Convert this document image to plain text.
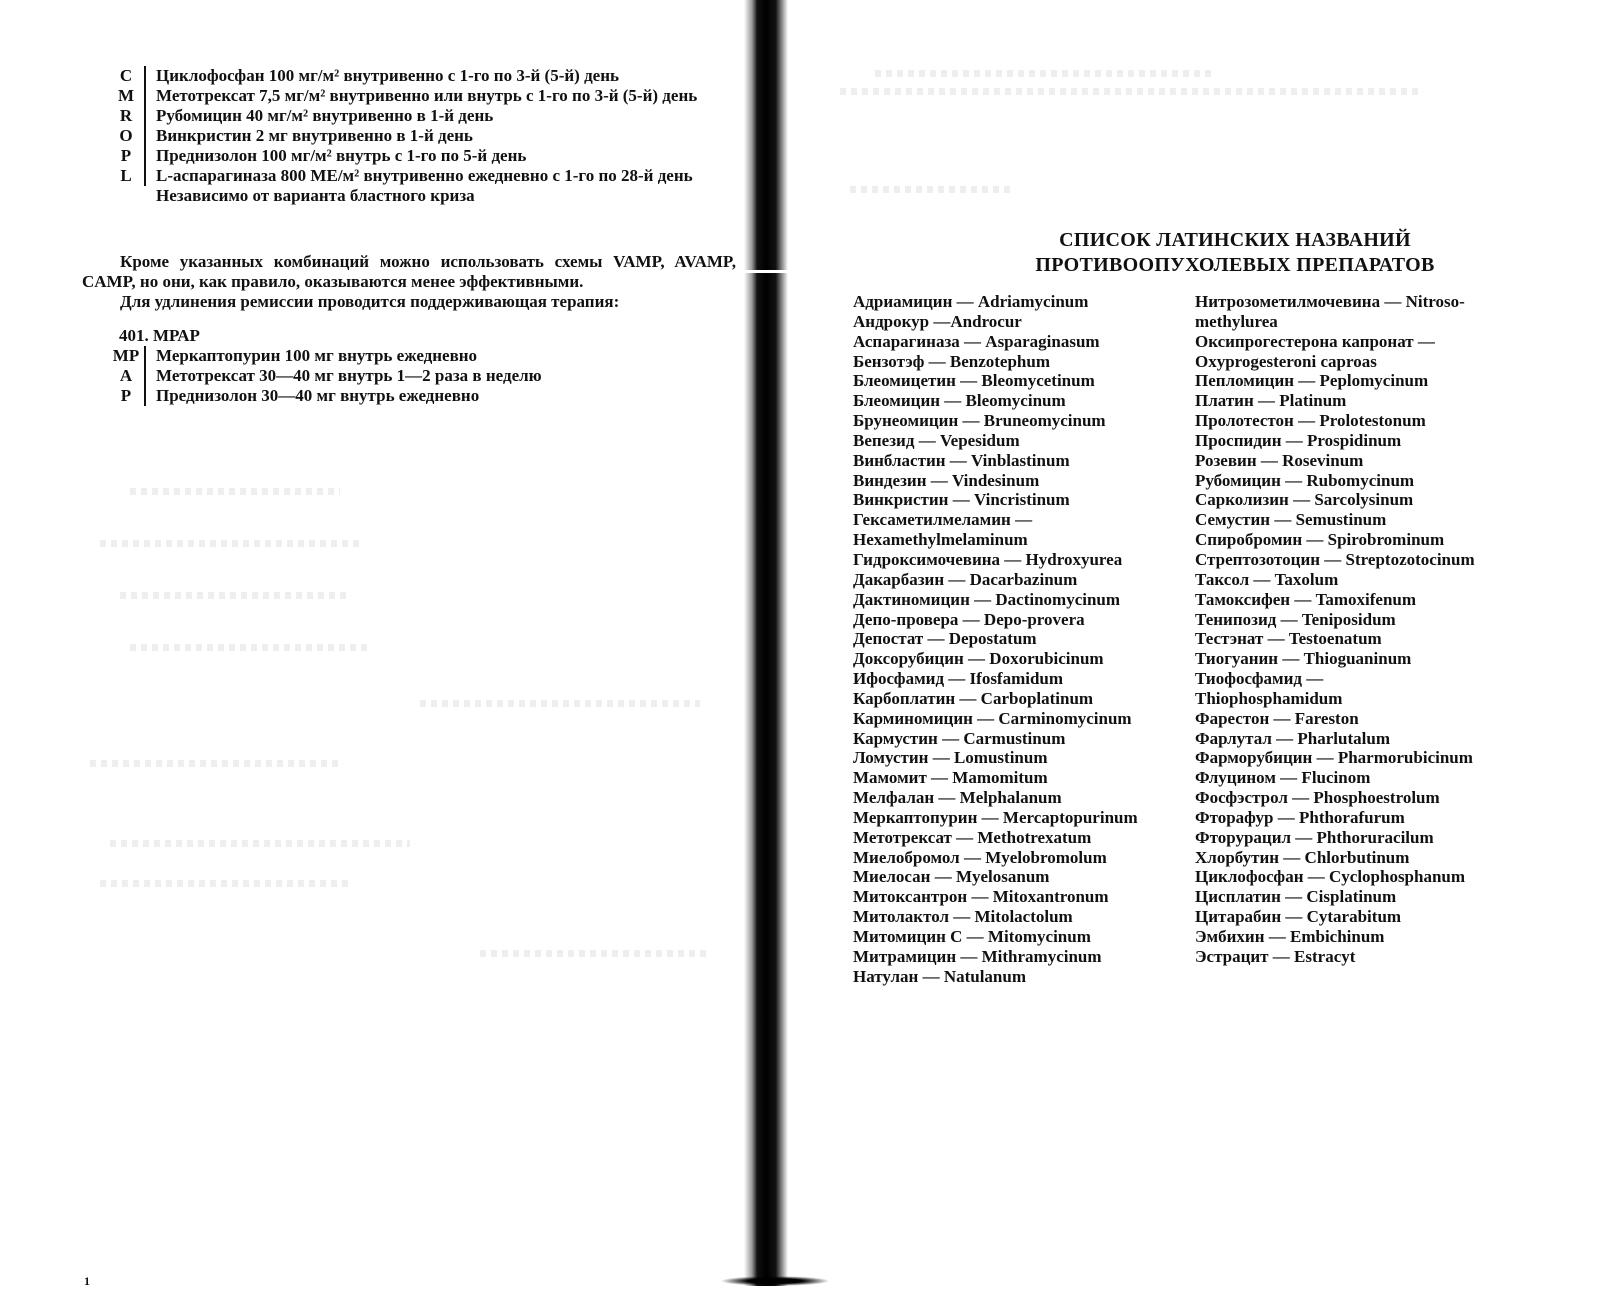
C	Циклофосфан 100 мг/м² внутривенно с 1-го по 3-й (5-й) день
M	Метотрексат 7,5 мг/м² внутривенно или внутрь с 1-го по 3-й (5-й) день
R	Рубомицин 40 мг/м² внутривенно в 1-й день
O	Винкристин 2 мг внутривенно в 1-й день
P	Преднизолон 100 мг/м² внутрь с 1-го по 5-й день
L	L-аспарагиназа 800 МЕ/м² внутривенно ежедневно с 1-го по 28-й день
Независимо от варианта бластного криза
Кроме указанных комбинаций можно использовать схемы VAMP, AVAMP, CAMP, но они, как правило, оказываются менее эффективными.
Для удлинения ремиссии проводится поддерживающая терапия:
401. МРАР
MP Меркаптопурин 100 мг внутрь ежедневно
A	Метотрексат 30—40 мг внутрь 1—2 раза в неделю
P	Преднизолон 30—40 мг внутрь ежедневно
1
СПИСОК ЛАТИНСКИХ НАЗВАНИЙ
ПРОТИВООПУХОЛЕВЫХ ПРЕПАРАТОВ
Адриамицин — Adriamycinum
Андрокур —Androcur
Аспарагиназа — Asparaginasum
Бензотэф — Benzotephum
Блеомицетин — Bleomycetinum
Блеомицин — Bleomycinum
Брунеомицин — Bruneomycinum
Вепезид — Vepesidum
Винбластин — Vinblastinum
Виндезин — Vindesinum
Винкристин — Vincristinum
Гексаметилмеламин —
Hexamethylmelaminum
Гидроксимочевина — Hydroxyurea
Дакарбазин — Dacarbazinum
Дактиномицин — Dactinomycinum
Депо-провера — Depo-provera
Депостат — Depostatum
Доксорубицин — Doxorubicinum
Ифосфамид — Ifosfamidum
Карбоплатин — Carboplatinum
Карминомицин — Carminomycinum
Кармустин — Carmustinum
Ломустин — Lomustinum
Мамомит — Mamomitum
Мелфалан — Melphalanum
Меркаптопурин — Mercaptopurinum
Метотрексат — Methotrexatum
Миелобромол — Myelobromolum
Миелосан — Myelosanum
Митоксантрон — Mitoxantronum
Митолактол — Mitolactolum
Митомицин С — Mitomycinum
Митрамицин — Mithramycinum
Натулан — Natulanum
Нитрозометилмочевина — Nitroso-
methylurea
Оксипрогестерона капронат —
Oxyprogesteroni caproas
Пепломицин — Peplomycinum
Платин — Platinum
Пролотестон — Prolotestonum
Проспидин — Prospidinum
Розевин — Rosevinum
Рубомицин — Rubomycinum
Сарколизин — Sarcolysinum
Семустин — Semustinum
Спиробромин — Spirobrominum
Стрептозотоцин — Streptozotocinum
Таксол — Taxolum
Тамоксифен — Tamoxifenum
Тенипозид — Teniposidum
Тестэнат — Testoenatum
Тиогуанин — Thioguaninum
Тиофосфамид —
Thiophosphamidum
Фарестон — Fareston
Фарлутал — Pharlutalum
Фарморубицин — Pharmorubicinum
Флуцином — Flucinom
Фосфэстрол — Phosphoestrolum
Фторафур — Phthorafurum
Фторурацил — Phthoruracilum
Хлорбутин — Chlorbutinum
Циклофосфан — Cyclophosphanum
Цисплатин — Cisplatinum
Цитарабин — Cytarabitum
Эмбихин — Embichinum
Эстрацит — Estracyt
